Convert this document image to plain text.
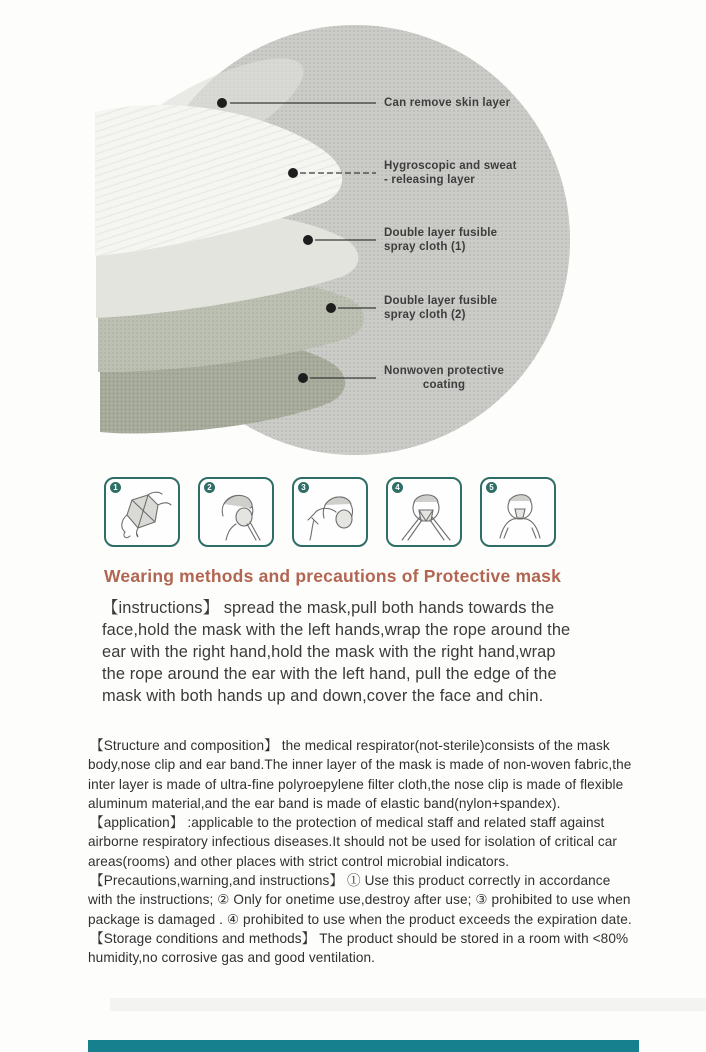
Can remove skin layer
Hygroscopic and sweat
- releasing layer
Double layer fusible
spray cloth (1)
Double layer fusible
spray cloth (2)
Nonwoven protective
coating
1	2	3	4	5
Wearing methods and precautions of Protective mask

【instructions】 spread the mask,pull both hands towards the face,hold the mask with the left hands,wrap the rope around the ear with the right hand,hold the mask with the right hand,wrap the rope around the ear with the left hand, pull the edge of the mask with both hands up and down,cover the face and chin.

【Structure and composition】 the medical respirator(not-sterile)consists of the mask body,nose clip and ear band.The inner layer of the mask is made of non-woven fabric,the inter layer is made of ultra-fine polyroepylene filter cloth,the nose clip is made of flexible aluminum material,and the ear band is made of elastic band(nylon+spandex).

【application】 :applicable to the protection of medical staff and related staff against airborne respiratory infectious diseases.It should not be used for isolation of critical car areas(rooms) and other places with strict control microbial indicators.

【Precautions,warning,and instructions】 ① Use this product correctly in accordance with the instructions; ② Only for onetime use,destroy after use; ③ prohibited to use when package is damaged . ④ prohibited to use when the product exceeds the expiration date.

【Storage conditions and methods】 The product should be stored in a room with <80% humidity,no corrosive gas and good ventilation.
